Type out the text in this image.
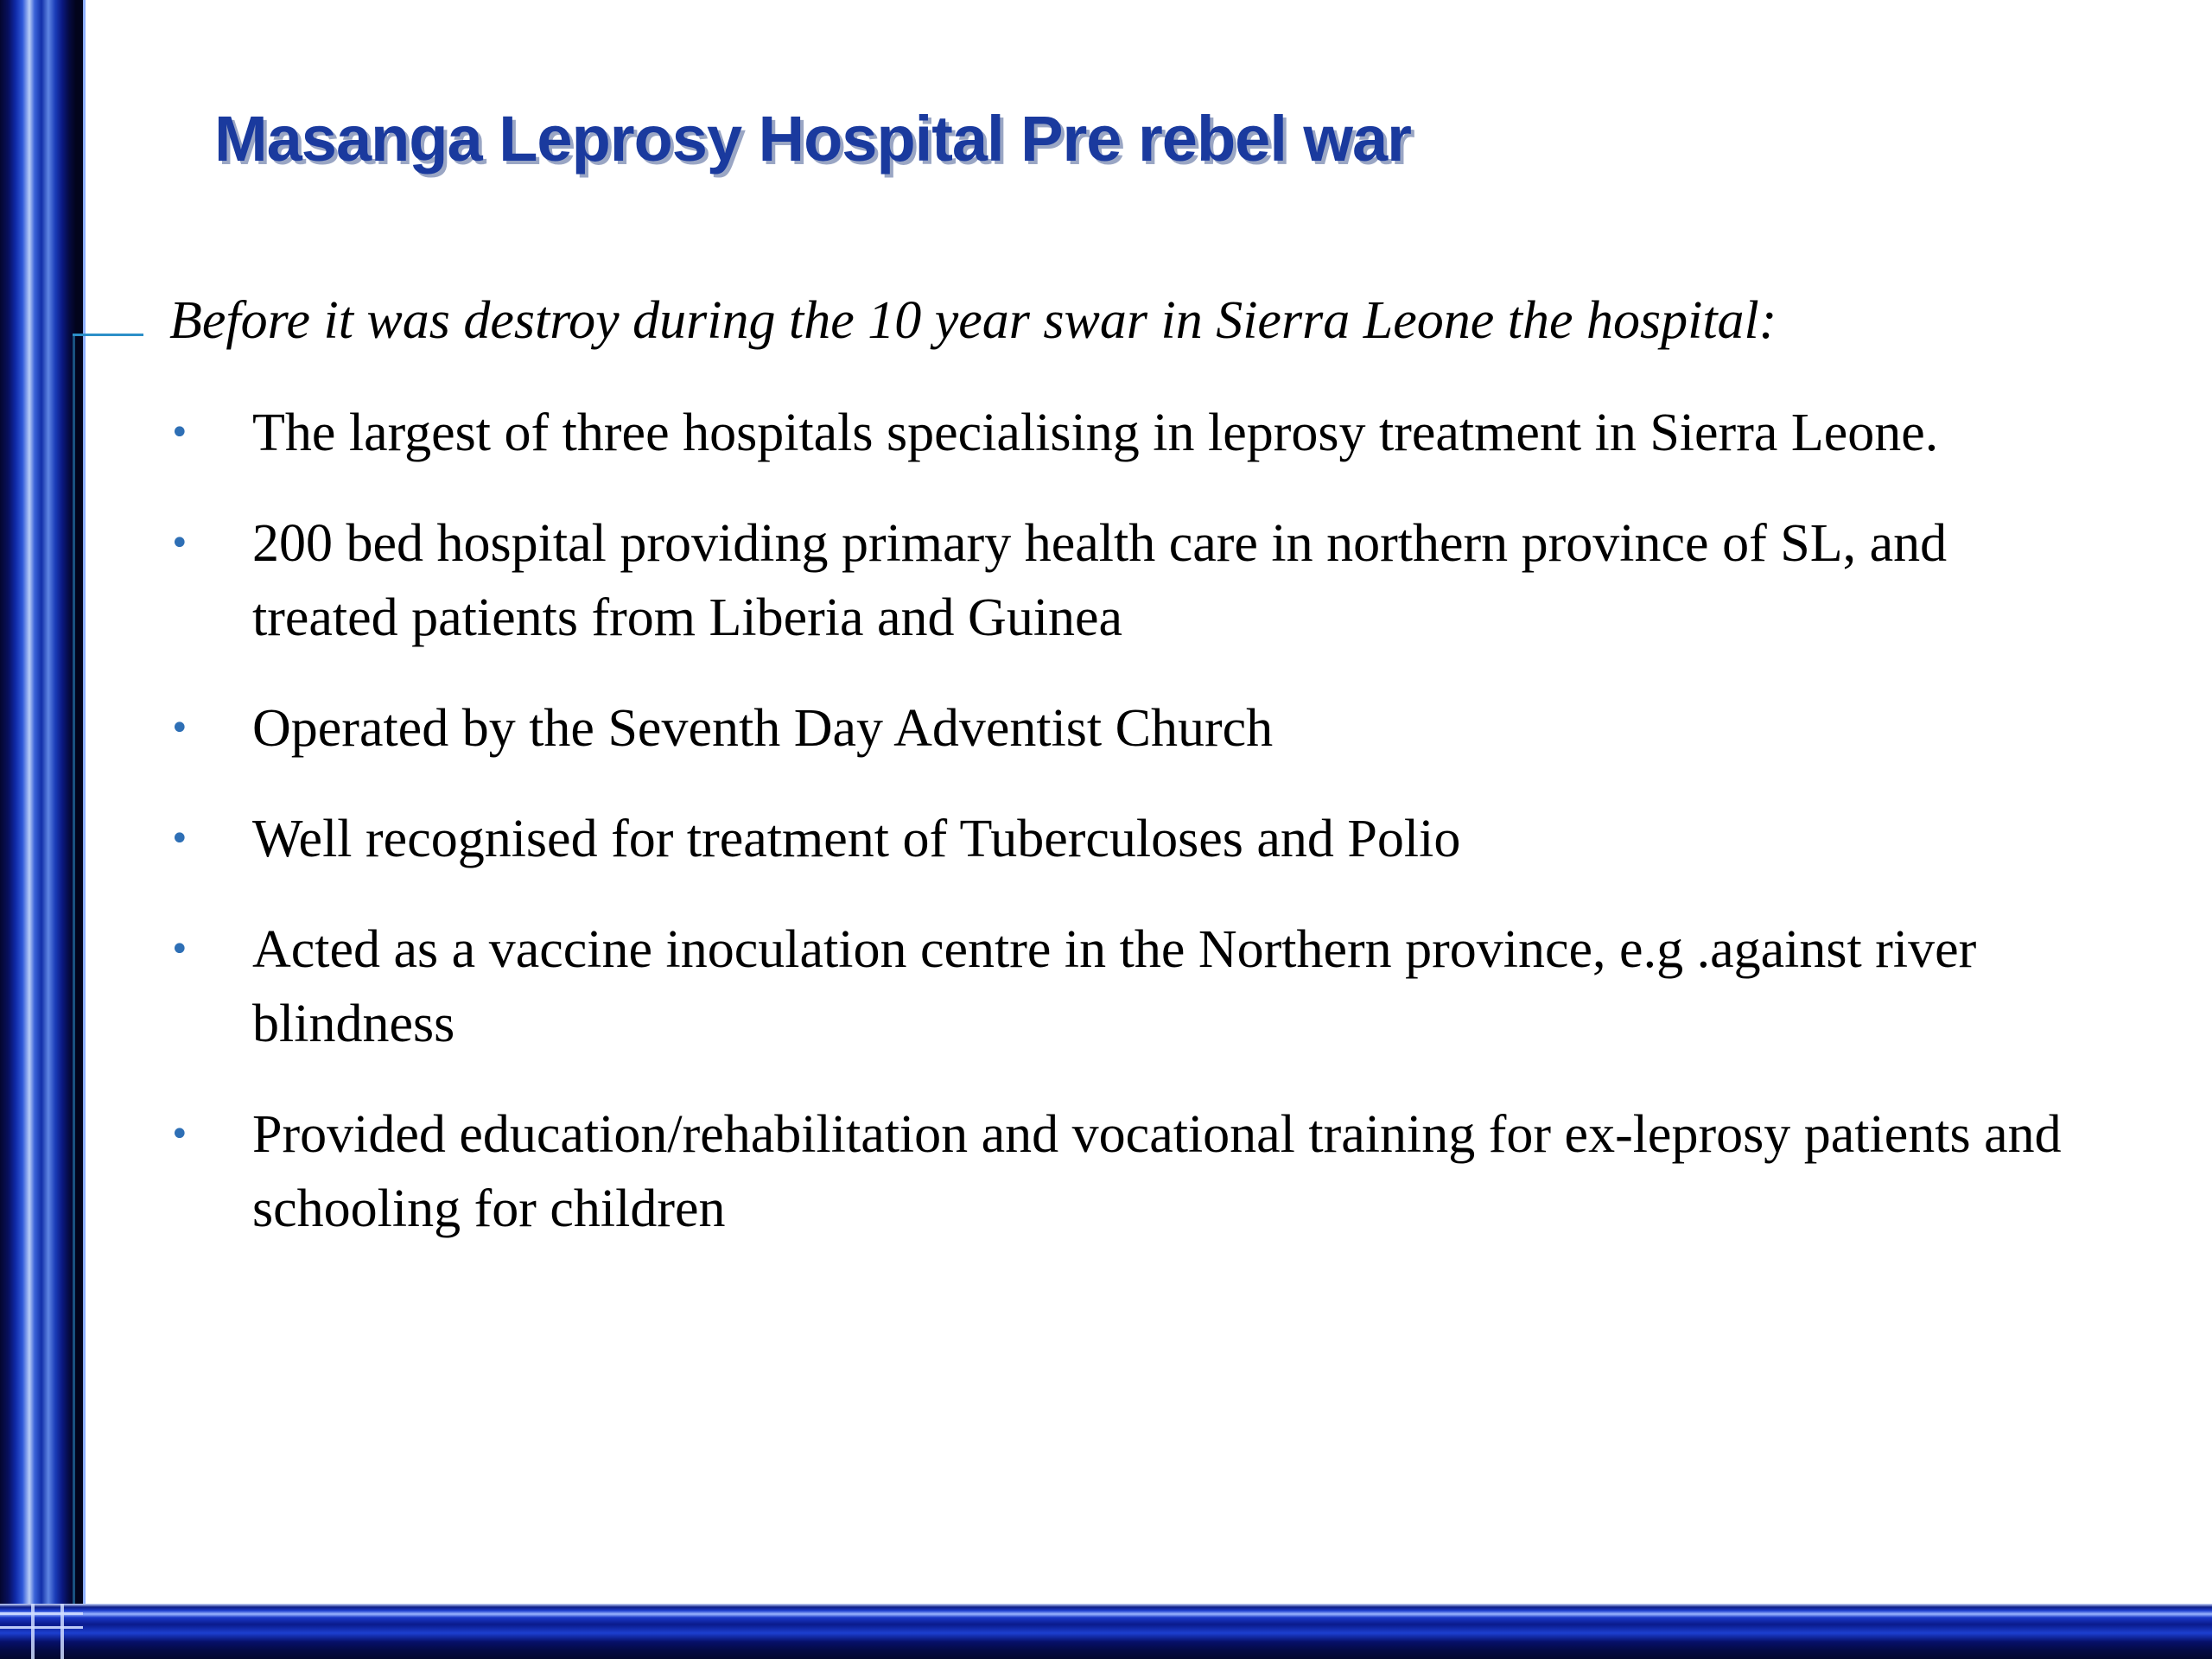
Masanga Leprosy Hospital Pre rebel war

Before it was destroy during the 10 year swar in Sierra Leone the hospital:

• The largest of three hospitals specialising in leprosy treatment in Sierra Leone.
• 200 bed hospital providing primary health care in northern province of SL, and treated patients from Liberia and Guinea
• Operated by the Seventh Day Adventist Church
• Well recognised for treatment of Tuberculoses and Polio
• Acted as a vaccine inoculation centre in the Northern province, e.g .against river blindness
• Provided education/rehabilitation and vocational training for ex-leprosy patients and schooling for children
